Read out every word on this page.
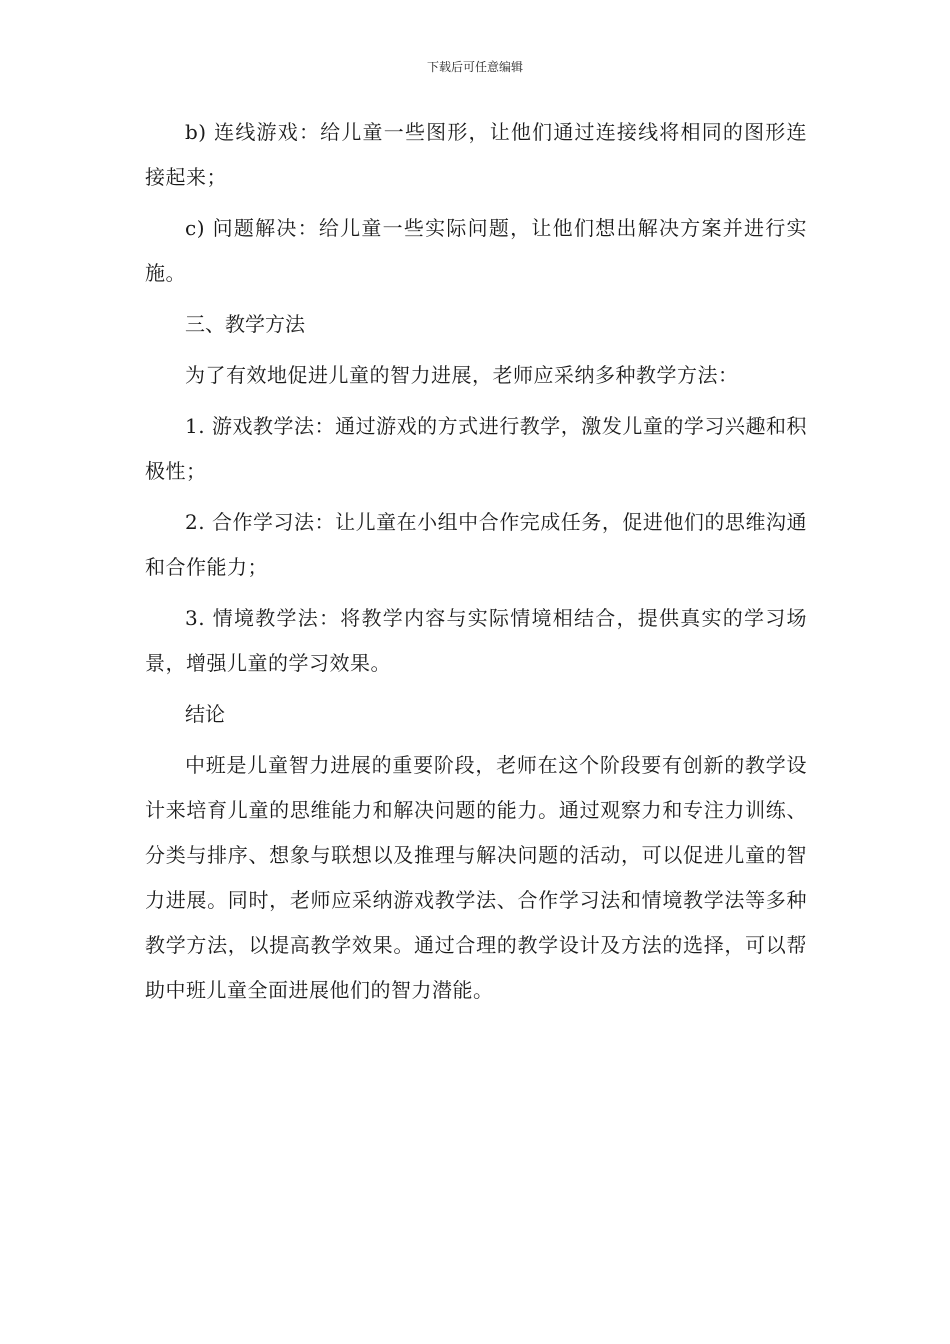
下载后可任意编辑

b) 连线游戏：给儿童一些图形，让他们通过连接线将相同的图形连接起来；

c) 问题解决：给儿童一些实际问题，让他们想出解决方案并进行实施。

三、教学方法

为了有效地促进儿童的智力进展，老师应采纳多种教学方法：

1. 游戏教学法：通过游戏的方式进行教学，激发儿童的学习兴趣和积极性；

2. 合作学习法：让儿童在小组中合作完成任务，促进他们的思维沟通和合作能力；

3. 情境教学法：将教学内容与实际情境相结合，提供真实的学习场景，增强儿童的学习效果。

结论

中班是儿童智力进展的重要阶段，老师在这个阶段要有创新的教学设计来培育儿童的思维能力和解决问题的能力。通过观察力和专注力训练、分类与排序、想象与联想以及推理与解决问题的活动，可以促进儿童的智力进展。同时，老师应采纳游戏教学法、合作学习法和情境教学法等多种教学方法，以提高教学效果。通过合理的教学设计及方法的选择，可以帮助中班儿童全面进展他们的智力潜能。
